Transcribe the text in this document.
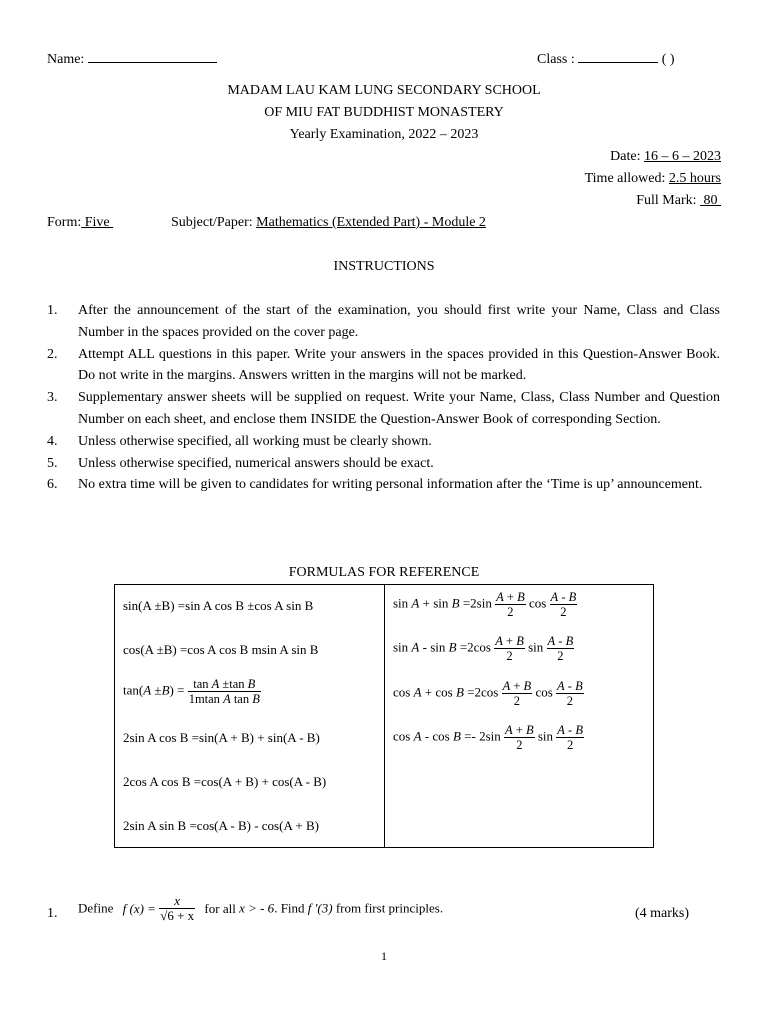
Name:	Class :	( )
MADAM LAU KAM LUNG SECONDARY SCHOOL
OF MIU FAT BUDDHIST MONASTERY
Yearly Examination, 2022 – 2023
Date: 16 – 6 – 2023
Time allowed: 2.5 hours
Full Mark:  80
Form: Five	Subject/Paper: Mathematics (Extended Part) - Module 2
INSTRUCTIONS
1. After the announcement of the start of the examination, you should first write your Name, Class and Class Number in the spaces provided on the cover page.
2. Attempt ALL questions in this paper. Write your answers in the spaces provided in this Question-Answer Book. Do not write in the margins. Answers written in the margins will not be marked.
3. Supplementary answer sheets will be supplied on request. Write your Name, Class, Class Number and Question Number on each sheet, and enclose them INSIDE the Question-Answer Book of corresponding Section.
4. Unless otherwise specified, all working must be clearly shown.
5. Unless otherwise specified, numerical answers should be exact.
6. No extra time will be given to candidates for writing personal information after the ‘Time is up’ announcement.
FORMULAS FOR REFERENCE
sin(A ±B) =sin A cos B ±cos A sin B
cos(A ±B) =cos A cos B msin A sin B
$\tan(A \pm B) = \frac{\text{tan A ±tan B}}{\text{1mtan A tan B}}$
2sin A cos B =sin(A + B) + sin(A - B)
2cos A cos B =cos(A + B) + cos(A - B)
2sin A sin B =cos(A - B) - cos(A + B)

$\sin A + \sin B =2\sin \frac{A + B}{2}$ $\cos \frac{A - B}{2}$
$\sin A - \sin B =2\cos \frac{A + B}{2}$ $\sin \frac{A - B}{2}$
$\cos A + \cos B =2\cos \frac{A + B}{2}$ $\cos \frac{A - B}{2}$
$\cos A - \cos B =- 2\sin \frac{A + B}{2}$ $\sin \frac{A - B}{2}$
1. Define f $(x) = \frac{x}{√6 + x}$ for all x > - 6. Find f '(3) from first principles.	(4 marks)
1
